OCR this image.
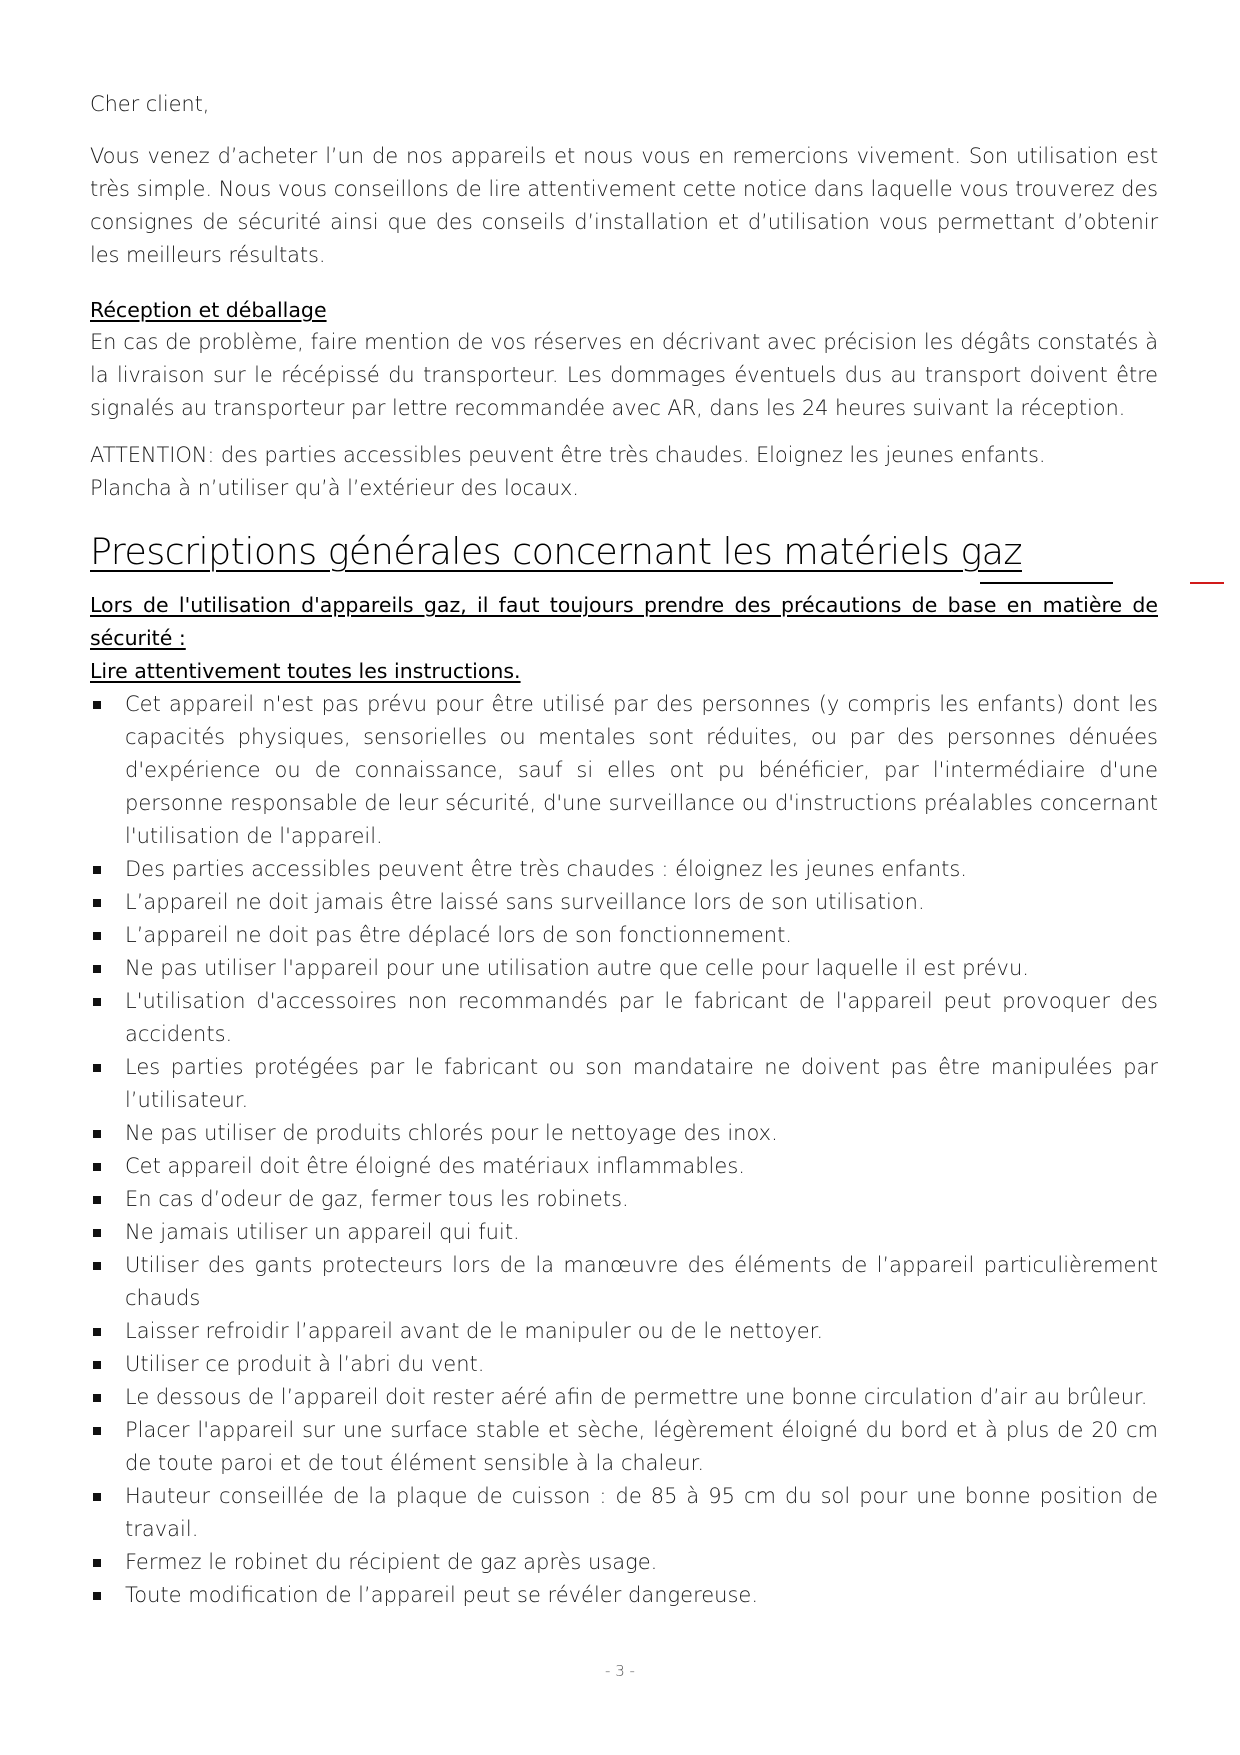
Cher client,

Vous venez d’acheter l’un de nos appareils et nous vous en remercions vivement. Son utilisation est très simple. Nous vous conseillons de lire attentivement cette notice dans laquelle vous trouverez des consignes de sécurité ainsi que des conseils d’installation et d’utilisation vous permettant d’obtenir les meilleurs résultats.

Réception et déballage

En cas de problème, faire mention de vos réserves en décrivant avec précision les dégâts constatés à la livraison sur le récépissé du transporteur. Les dommages éventuels dus au transport doivent être signalés au transporteur par lettre recommandée avec AR, dans les 24 heures suivant la réception.

ATTENTION: des parties accessibles peuvent être très chaudes. Eloignez les jeunes enfants.

Plancha à n’utiliser qu’à l’extérieur des locaux.

Prescriptions générales concernant les matériels gaz
Lors de l'utilisation d'appareils gaz, il faut toujours prendre des précautions de base en matière de sécurité :
Lire attentivement toutes les instructions.
Cet appareil n'est pas prévu pour être utilisé par des personnes (y compris les enfants) dont les capacités physiques, sensorielles ou mentales sont réduites, ou par des personnes dénuées d'expérience ou de connaissance, sauf si elles ont pu bénéficier, par l'intermédiaire d'une personne responsable de leur sécurité, d'une surveillance ou d'instructions préalables concernant l'utilisation de l'appareil.
Des parties accessibles peuvent être très chaudes : éloignez les jeunes enfants.
L’appareil ne doit jamais être laissé sans surveillance lors de son utilisation.
L’appareil ne doit pas être déplacé lors de son fonctionnement.
Ne pas utiliser l'appareil pour une utilisation autre que celle pour laquelle il est prévu.
L'utilisation d'accessoires non recommandés par le fabricant de l'appareil peut provoquer des accidents.
Les parties protégées par le fabricant ou son mandataire ne doivent pas être manipulées par l’utilisateur.
Ne pas utiliser de produits chlorés pour le nettoyage des inox.
Cet appareil doit être éloigné des matériaux inflammables.
En cas d’odeur de gaz, fermer tous les robinets.
Ne jamais utiliser un appareil qui fuit.
Utiliser des gants protecteurs lors de la manœuvre des éléments de l’appareil particulièrement chauds
Laisser refroidir l’appareil avant de le manipuler ou de le nettoyer.
Utiliser ce produit à l’abri du vent.
Le dessous de l’appareil doit rester aéré afin de permettre une bonne circulation d’air au brûleur.
Placer l'appareil sur une surface stable et sèche, légèrement éloigné du bord et à plus de 20 cm de toute paroi et de tout élément sensible à la chaleur.
Hauteur conseillée de la plaque de cuisson : de 85 à 95 cm du sol pour une bonne position de travail.
Fermez le robinet du récipient de gaz après usage.
Toute modification de l’appareil peut se révéler dangereuse.
- 3 -
